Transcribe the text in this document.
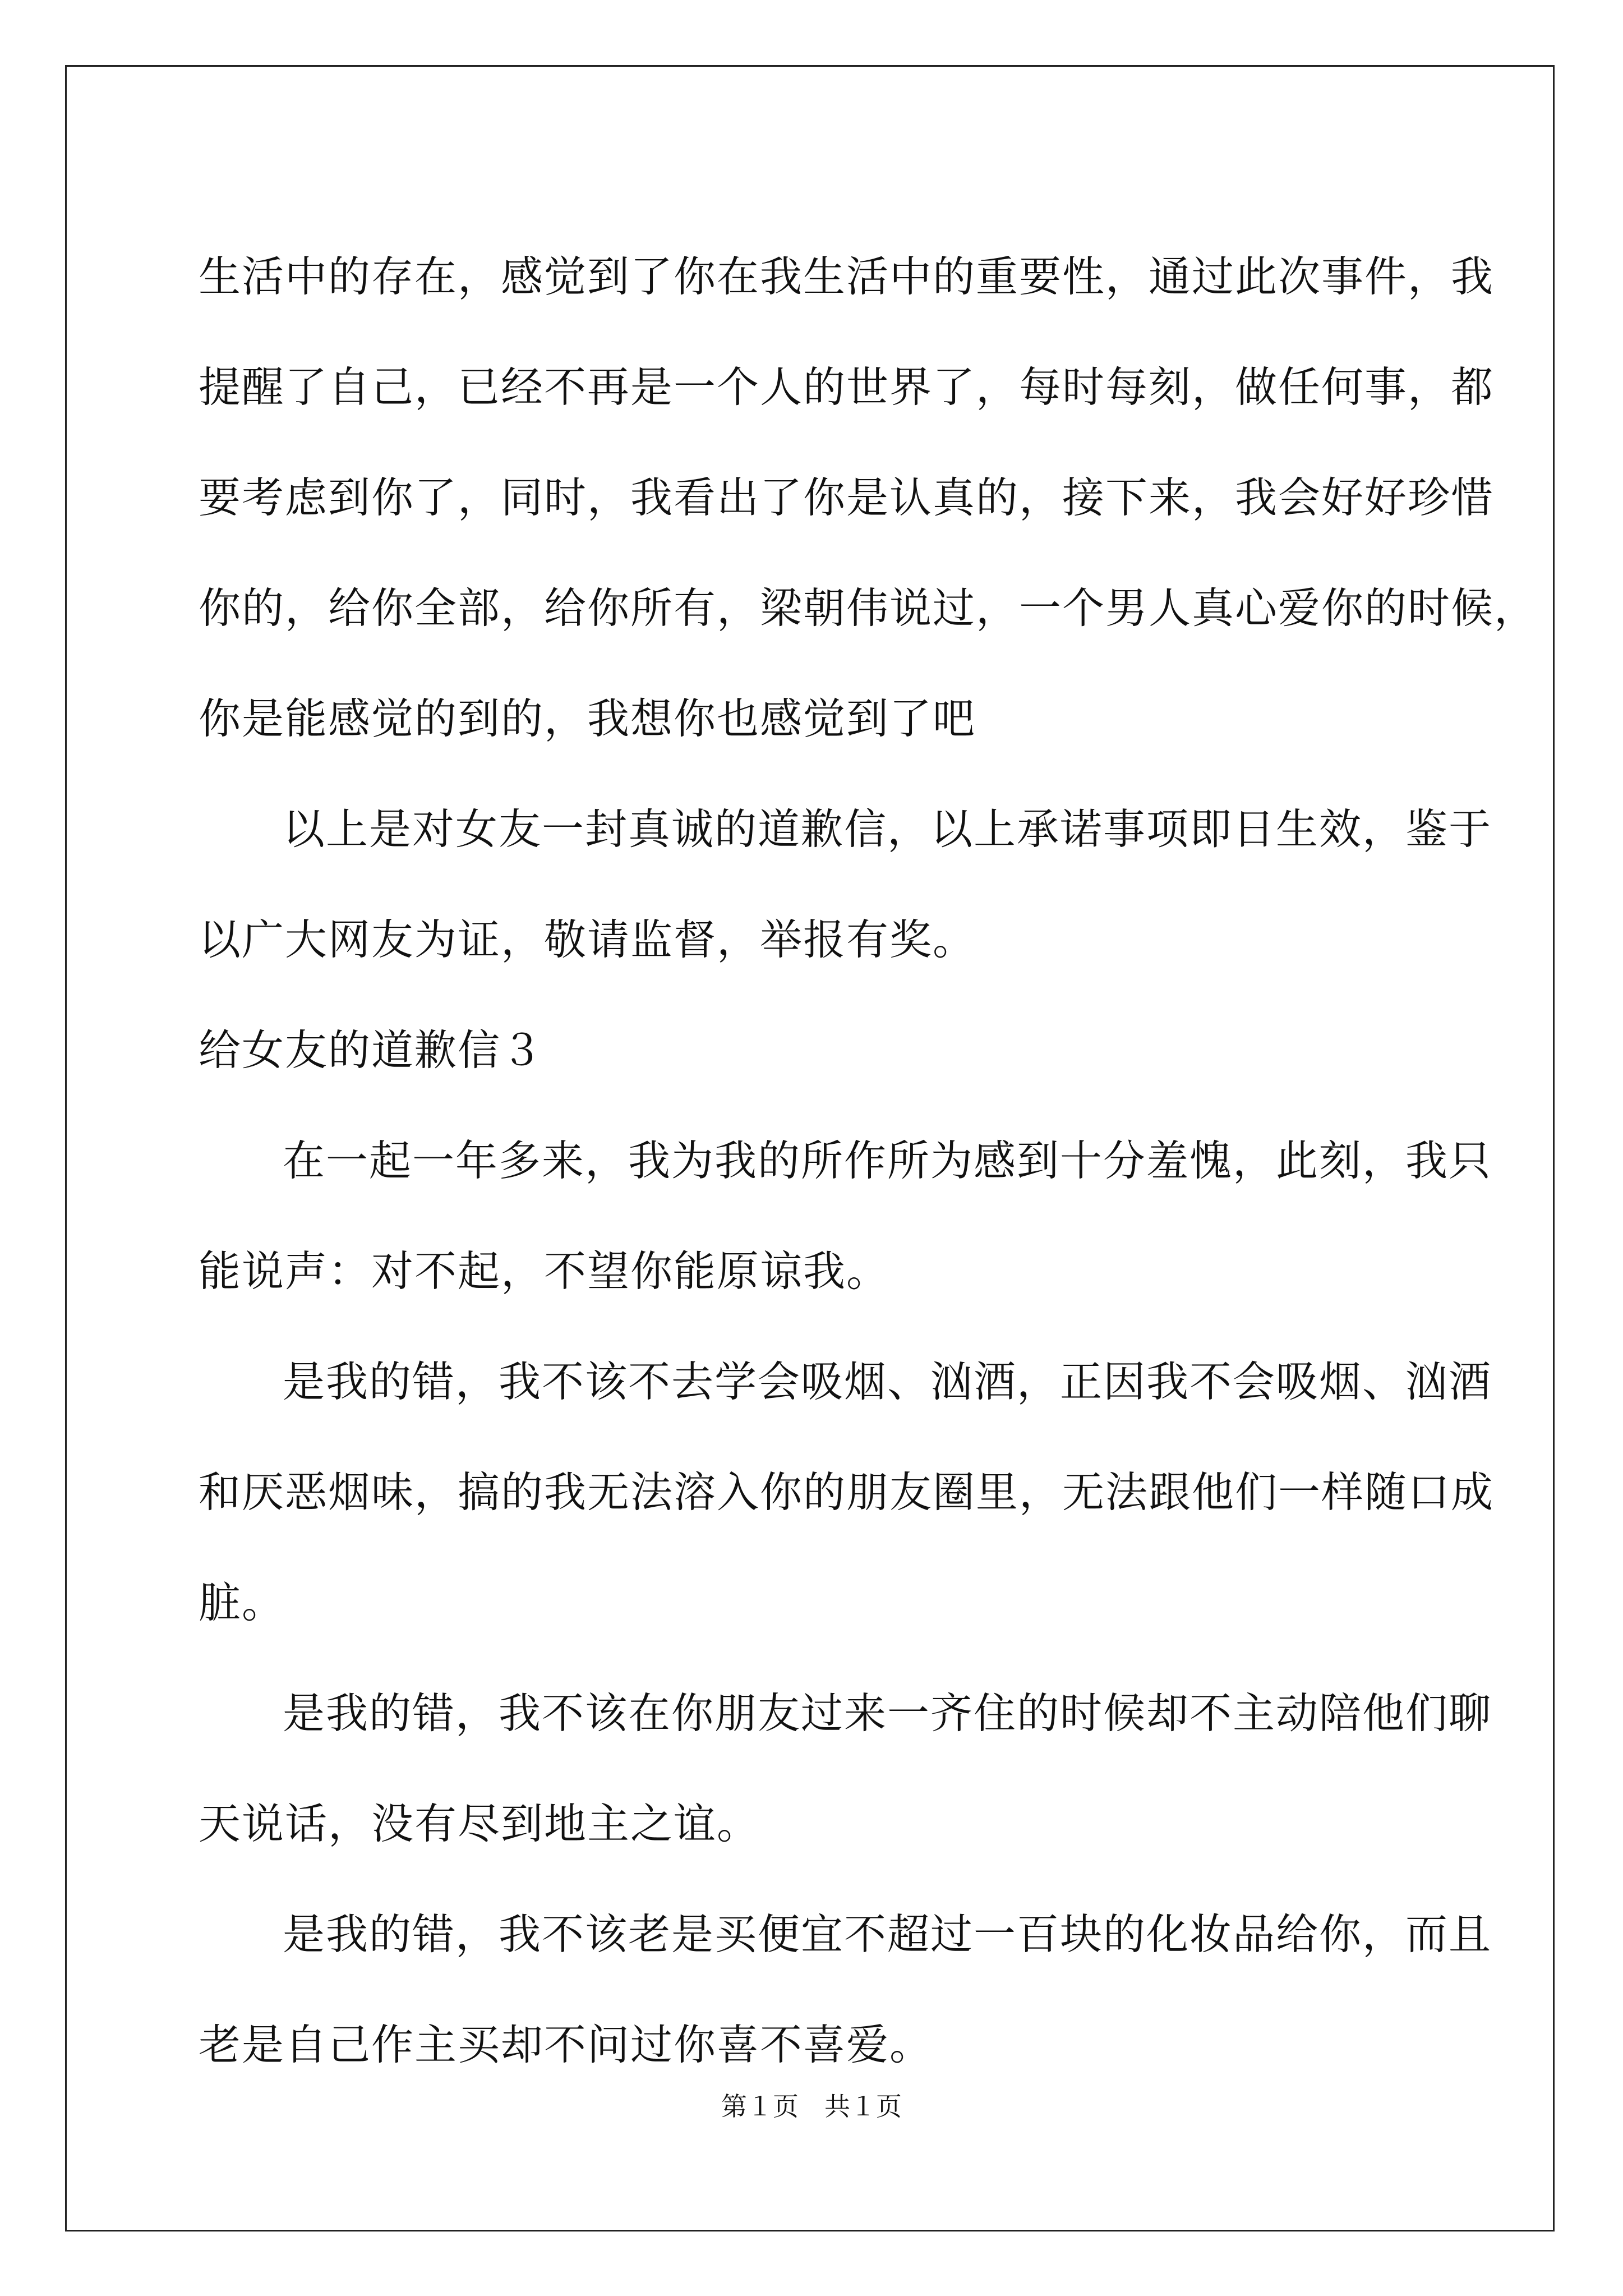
生活中的存在，感觉到了你在我生活中的重要性，通过此次事件，我
提醒了自己，已经不再是一个人的世界了，每时每刻，做任何事，都
要考虑到你了，同时，我看出了你是认真的，接下来，我会好好珍惜
你的，给你全部，给你所有，梁朝伟说过，一个男人真心爱你的时候，
你是能感觉的到的，我想你也感觉到了吧
以上是对女友一封真诚的道歉信，以上承诺事项即日生效，鉴于
以广大网友为证，敬请监督，举报有奖。
给女友的道歉信３
在一起一年多来，我为我的所作所为感到十分羞愧，此刻，我只
能说声：对不起，不望你能原谅我。
是我的错，我不该不去学会吸烟、汹酒，正因我不会吸烟、汹酒
和厌恶烟味，搞的我无法溶入你的朋友圈里，无法跟他们一样随口成
脏。
是我的错，我不该在你朋友过来一齐住的时候却不主动陪他们聊
天说话，没有尽到地主之谊。
是我的错，我不该老是买便宜不超过一百块的化妆品给你，而且
老是自己作主买却不问过你喜不喜爱。
第１页 共１页
